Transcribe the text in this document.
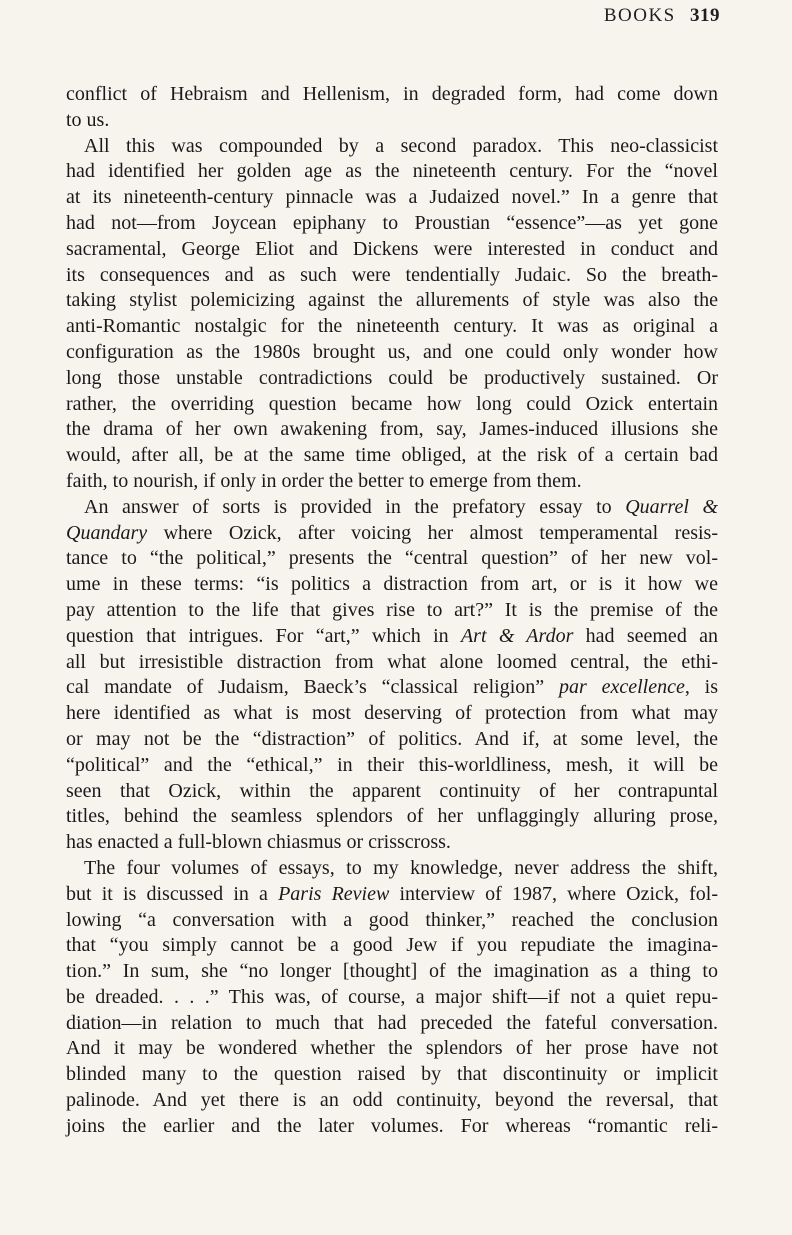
BOOKS 319
conflict of Hebraism and Hellenism, in degraded form, had come down
to us.
All this was compounded by a second paradox. This neo-classicist
had identified her golden age as the nineteenth century. For the “novel
at its nineteenth-century pinnacle was a Judaized novel.” In a genre that
had not—from Joycean epiphany to Proustian “essence”—as yet gone
sacramental, George Eliot and Dickens were interested in conduct and
its consequences and as such were tendentially Judaic. So the breath-
taking stylist polemicizing against the allurements of style was also the
anti-Romantic nostalgic for the nineteenth century. It was as original a
configuration as the 1980s brought us, and one could only wonder how
long those unstable contradictions could be productively sustained. Or
rather, the overriding question became how long could Ozick entertain
the drama of her own awakening from, say, James-induced illusions she
would, after all, be at the same time obliged, at the risk of a certain bad
faith, to nourish, if only in order the better to emerge from them.
An answer of sorts is provided in the prefatory essay to Quarrel &
Quandary where Ozick, after voicing her almost temperamental resis-
tance to “the political,” presents the “central question” of her new vol-
ume in these terms: “is politics a distraction from art, or is it how we
pay attention to the life that gives rise to art?” It is the premise of the
question that intrigues. For “art,” which in Art & Ardor had seemed an
all but irresistible distraction from what alone loomed central, the ethi-
cal mandate of Judaism, Baeck’s “classical religion” par excellence, is
here identified as what is most deserving of protection from what may
or may not be the “distraction” of politics. And if, at some level, the
“political” and the “ethical,” in their this-worldliness, mesh, it will be
seen that Ozick, within the apparent continuity of her contrapuntal
titles, behind the seamless splendors of her unflaggingly alluring prose,
has enacted a full-blown chiasmus or crisscross.
The four volumes of essays, to my knowledge, never address the shift,
but it is discussed in a Paris Review interview of 1987, where Ozick, fol-
lowing “a conversation with a good thinker,” reached the conclusion
that “you simply cannot be a good Jew if you repudiate the imagina-
tion.” In sum, she “no longer [thought] of the imagination as a thing to
be dreaded. . . .” This was, of course, a major shift—if not a quiet repu-
diation—in relation to much that had preceded the fateful conversation.
And it may be wondered whether the splendors of her prose have not
blinded many to the question raised by that discontinuity or implicit
palinode. And yet there is an odd continuity, beyond the reversal, that
joins the earlier and the later volumes. For whereas “romantic reli-
